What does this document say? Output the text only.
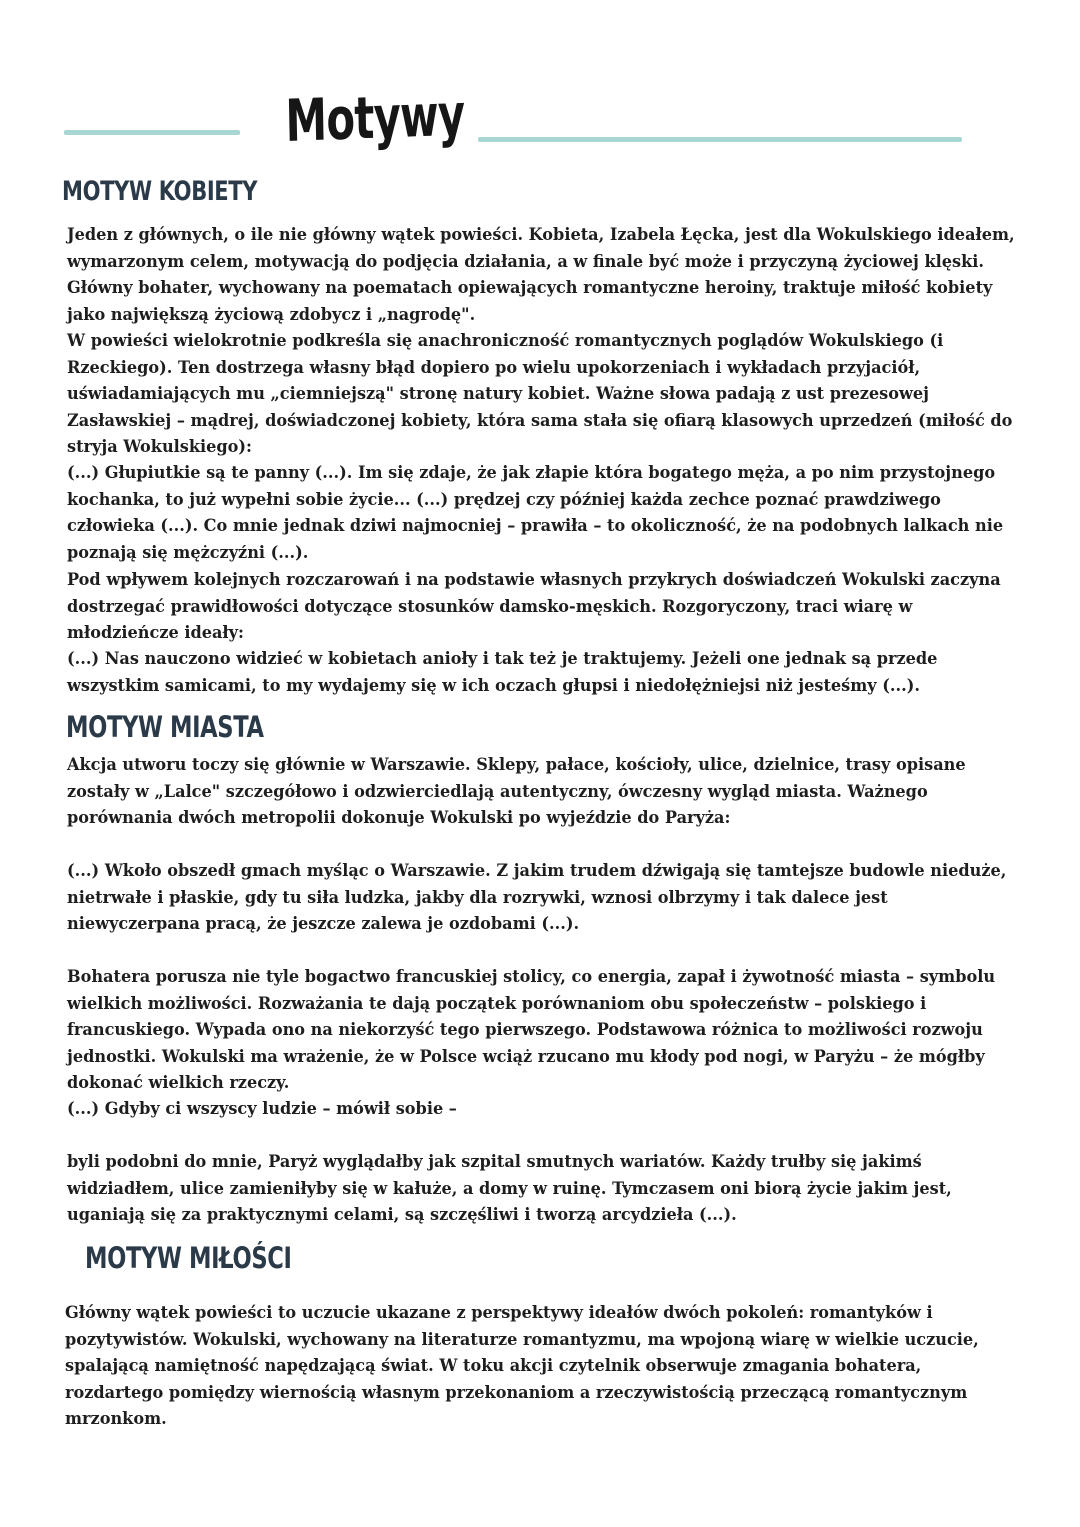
Motywy
MOTYW KOBIETY

Jeden z głównych, o ile nie główny wątek powieści. Kobieta, Izabela Łęcka, jest dla Wokulskiego ideałem, wymarzonym celem, motywacją do podjęcia działania, a w finale być może i przyczyną życiowej klęski. Główny bohater, wychowany na poematach opiewających romantyczne heroiny, traktuje miłość kobiety jako największą życiową zdobycz i „nagrodę".

W powieści wielokrotnie podkreśla się anachroniczność romantycznych poglądów Wokulskiego (i Rzeckiego). Ten dostrzega własny błąd dopiero po wielu upokorzeniach i wykładach przyjaciół, uświadamiających mu „ciemniejszą" stronę natury kobiet. Ważne słowa padają z ust prezesowej Zasławskiej – mądrej, doświadczonej kobiety, która sama stała się ofiarą klasowych uprzedzeń (miłość do stryja Wokulskiego):

(...) Głupiutkie są te panny (...). Im się zdaje, że jak złapie która bogatego męża, a po nim przystojnego kochanka, to już wypełni sobie życie... (...) prędzej czy później każda zechce poznać prawdziwego człowieka (...). Co mnie jednak dziwi najmocniej – prawiła – to okoliczność, że na podobnych lalkach nie poznają się mężczyźni (...).

Pod wpływem kolejnych rozczarowań i na podstawie własnych przykrych doświadczeń Wokulski zaczyna dostrzegać prawidłowości dotyczące stosunków damsko-męskich. Rozgoryczony, traci wiarę w młodzieńcze ideały:

(...) Nas nauczono widzieć w kobietach anioły i tak też je traktujemy. Jeżeli one jednak są przede wszystkim samicami, to my wydajemy się w ich oczach głupsi i niedołężniejsi niż jesteśmy (...).

MOTYW MIASTA

Akcja utworu toczy się głównie w Warszawie. Sklepy, pałace, kościoły, ulice, dzielnice, trasy opisane zostały w „Lalce" szczegółowo i odzwierciedlają autentyczny, ówczesny wygląd miasta. Ważnego porównania dwóch metropolii dokonuje Wokulski po wyjeździe do Paryża:

(...) Wkoło obszedł gmach myśląc o Warszawie. Z jakim trudem dźwigają się tamtejsze budowle nieduże, nietrwałe i płaskie, gdy tu siła ludzka, jakby dla rozrywki, wznosi olbrzymy i tak dalece jest niewyczerpana pracą, że jeszcze zalewa je ozdobami (...).

Bohatera porusza nie tyle bogactwo francuskiej stolicy, co energia, zapał i żywotność miasta – symbolu wielkich możliwości. Rozważania te dają początek porównaniom obu społeczeństw – polskiego i francuskiego. Wypada ono na niekorzyść tego pierwszego. Podstawowa różnica to możliwości rozwoju jednostki. Wokulski ma wrażenie, że w Polsce wciąż rzucano mu kłody pod nogi, w Paryżu – że mógłby dokonać wielkich rzeczy.

(...) Gdyby ci wszyscy ludzie – mówił sobie –

byli podobni do mnie, Paryż wyglądałby jak szpital smutnych wariatów. Każdy trułby się jakimś widziadłem, ulice zamieniłyby się w kałuże, a domy w ruinę. Tymczasem oni biorą życie jakim jest, uganiają się za praktycznymi celami, są szczęśliwi i tworzą arcydzieła (...).

MOTYW MIŁOŚCI

Główny wątek powieści to uczucie ukazane z perspektywy ideałów dwóch pokoleń: romantyków i pozytywistów. Wokulski, wychowany na literaturze romantyzmu, ma wpojoną wiarę w wielkie uczucie, spalającą namiętność napędzającą świat. W toku akcji czytelnik obserwuje zmagania bohatera, rozdartego pomiędzy wiernością własnym przekonaniom a rzeczywistością przeczącą romantycznym mrzonkom.
